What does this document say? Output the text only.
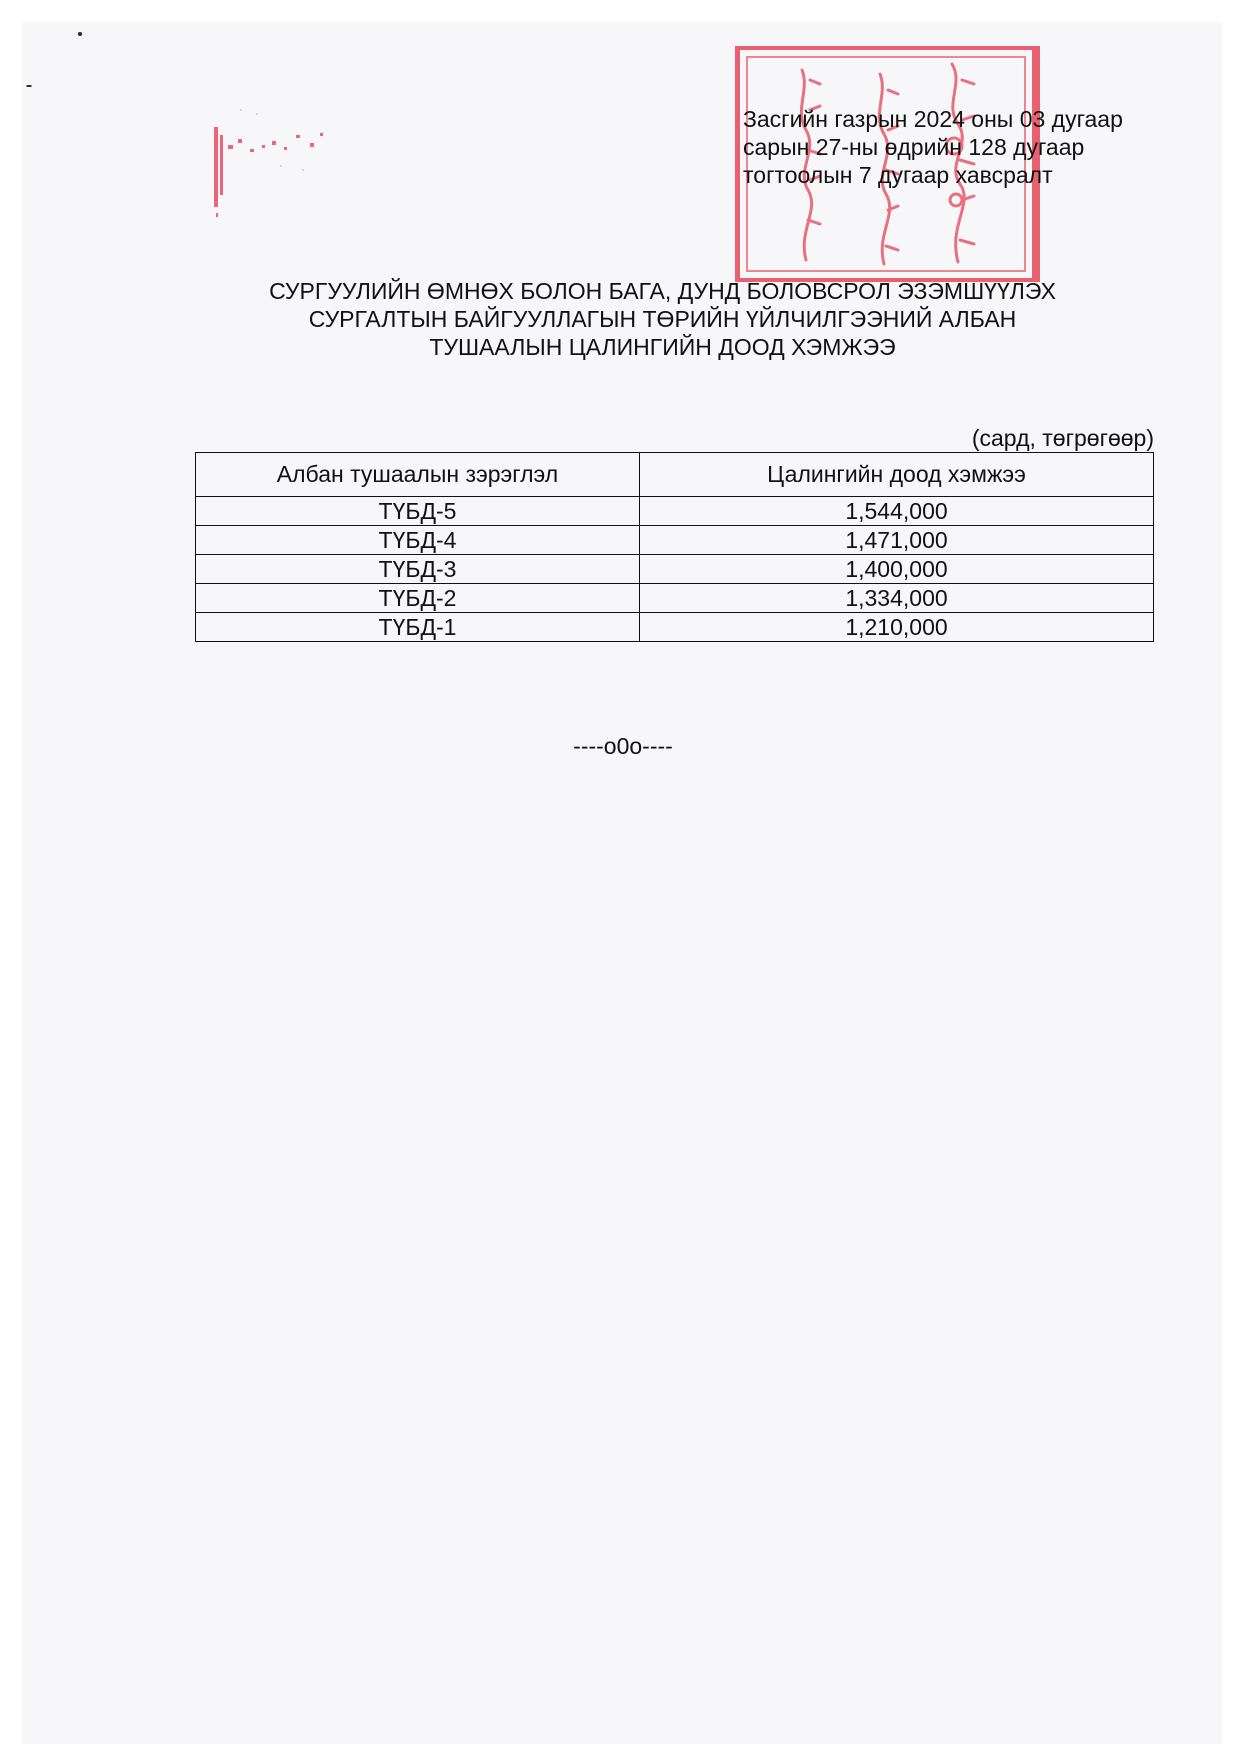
Засгийн газрын 2024 оны 03 дугаар
сарын 27-ны өдрийн 128 дугаар
тогтоолын 7 дугаар хавсралт
СУРГУУЛИЙН ӨМНӨХ БОЛОН БАГА, ДУНД БОЛОВСРОЛ ЭЗЭМШҮҮЛЭХ
СУРГАЛТЫН БАЙГУУЛЛАГЫН ТӨРИЙН ҮЙЛЧИЛГЭЭНИЙ АЛБАН
ТУШААЛЫН ЦАЛИНГИЙН ДООД ХЭМЖЭЭ
(сард, төгрөгөөр)
Албан тушаалын зэрэглэл	Цалингийн доод хэмжээ
ТҮБД-5	1,544,000
ТҮБД-4	1,471,000
ТҮБД-3	1,400,000
ТҮБД-2	1,334,000
ТҮБД-1	1,210,000
----o0o----
